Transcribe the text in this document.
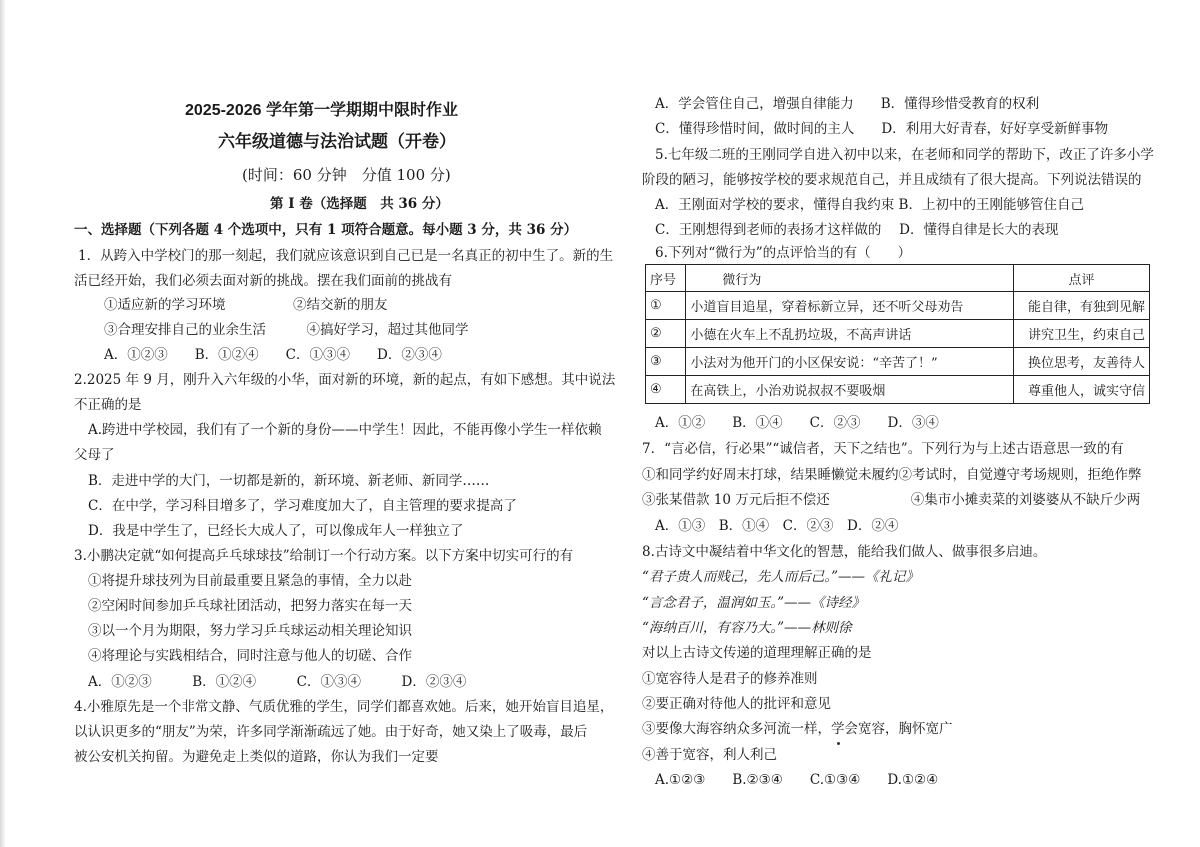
2025-2026 学年第一学期期中限时作业
六年级道德与法治试题（开卷）
(时间：60 分钟　分值 100 分)
第 I 卷（选择题　共 36 分）
一、选择题（下列各题 4 个选项中，只有 1 项符合题意。每小题 3 分，共 36 分）
1．从跨入中学校门的那一刻起，我们就应该意识到自己已是一名真正的初中生了。新的生
活已经开始，我们必须去面对新的挑战。摆在我们面前的挑战有
①适应新的学习环境　　　　　②结交新的朋友
③合理安排自己的业余生活　　　④搞好学习，超过其他同学
A．①②③　　B．①②④　　C．①③④　　D．②③④
2.2025 年 9 月，刚升入六年级的小华，面对新的环境，新的起点，有如下感想。其中说法
不正确的是
A.跨进中学校园，我们有了一个新的身份——中学生！因此，不能再像小学生一样依赖
父母了
B．走进中学的大门，一切都是新的，新环境、新老师、新同学……
C．在中学，学习科目增多了，学习难度加大了，自主管理的要求提高了
D．我是中学生了，已经长大成人了，可以像成年人一样独立了
3.小鹏决定就“如何提高乒乓球球技”给制订一个行动方案。以下方案中切实可行的有
①将提升球技列为目前最重要且紧急的事情，全力以赴
②空闲时间参加乒乓球社团活动，把努力落实在每一天
③以一个月为期限，努力学习乒乓球运动相关理论知识
④将理论与实践相结合，同时注意与他人的切磋、合作
A．①②③　　　B．①②④　　　C．①③④　　　D．②③④
4.小雅原先是一个非常文静、气质优雅的学生，同学们都喜欢她。后来，她开始盲目追星，
以认识更多的“朋友”为荣，许多同学渐渐疏远了她。由于好奇，她又染上了吸毒，最后
被公安机关拘留。为避免走上类似的道路，你认为我们一定要
A．学会管住自己，增强自律能力　　B．懂得珍惜受教育的权利
C．懂得珍惜时间，做时间的主人　　D．利用大好青春，好好享受新鲜事物
5.七年级二班的王刚同学自进入初中以来，在老师和同学的帮助下，改正了许多小学
阶段的陋习，能够按学校的要求规范自己，并且成绩有了很大提高。下列说法错误的
A．王刚面对学校的要求，懂得自我约束 B．上初中的王刚能够管住自己
C．王刚想得到老师的表扬才这样做的　 D．懂得自律是长大的表现
6.下列对“微行为”的点评恰当的有（　　）
序号	微行为	点评
①	小道盲目追星，穿着标新立异，还不听父母劝告	能自律，有独到见解
②	小德在火车上不乱扔垃圾，不高声讲话	讲究卫生，约束自己
③	小法对为他开门的小区保安说：“辛苦了！”	换位思考，友善待人
④	在高铁上，小治劝说叔叔不要吸烟	尊重他人，诚实守信
A．①②　　B．①④　　C．②③　　D．③④
7．“言必信，行必果”“诚信者，天下之结也”。下列行为与上述古语意思一致的有
①和同学约好周末打球，结果睡懒觉未履约②考试时，自觉遵守考场规则，拒绝作弊
③张某借款 10 万元后拒不偿还　　　　　　④集市小摊卖菜的刘婆婆从不缺斤少两
A．①③　B．①④　C．②③　D．②④
8.古诗文中凝结着中华文化的智慧，能给我们做人、做事很多启迪。
“君子贵人而贱己，先人而后己。”——《礼记》
“言念君子，温润如玉。”——《诗经》
“海纳百川，有容乃大。”——林则徐
对以上古诗文传递的道理理解正确的是
①宽容待人是君子的修养准则
②要正确对待他人的批评和意见
③要像大海容纳众多河流一样，学会宽容，胸怀宽广
④善于宽容，利人利己
A.①②③　　B.②③④　　C.①③④　　D.①②④
